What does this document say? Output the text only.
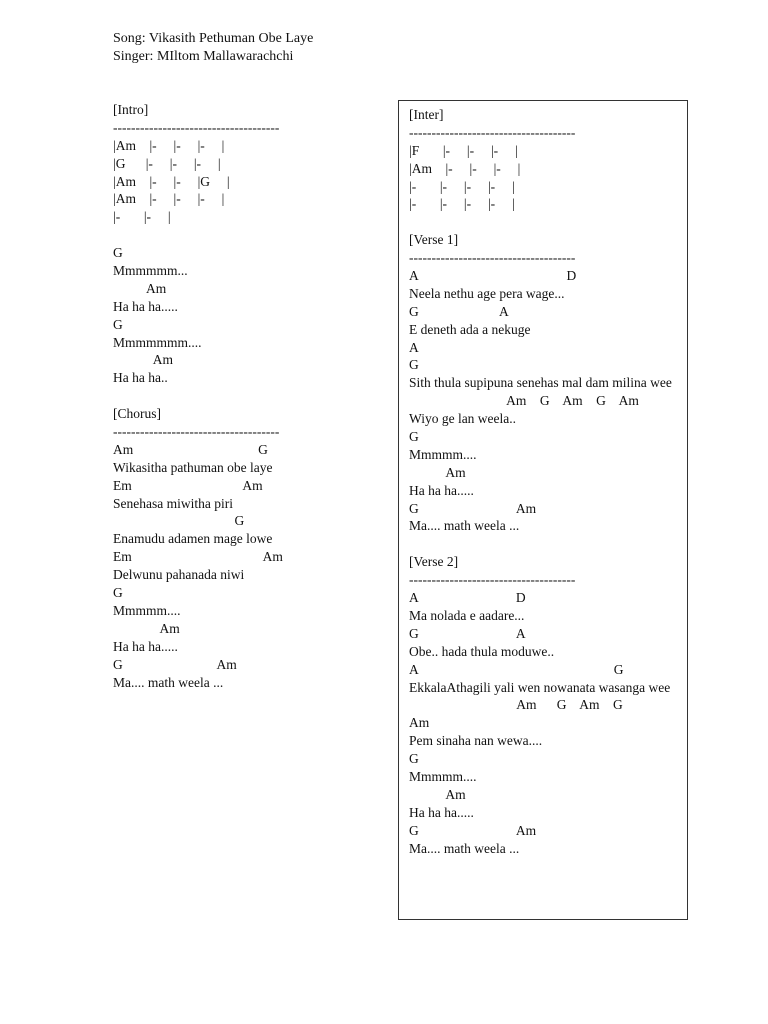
Song: Vikasith Pethuman Obe Laye
Singer: MIltom Mallawarachchi
[Intro]
-------------------------------------
|Am    |-     |-     |-     |
|G      |-     |-     |-     |
|Am    |-     |-     |G     |
|Am    |-     |-     |-     |
|-       |-     |
G
Mmmmmm...
Am
Ha ha ha.....
G
Mmmmmmm....
Am
Ha ha ha..
[Chorus]
-------------------------------------
Am                                     G
Wikasitha pathuman obe laye
Em                                 Am
Senehasa miwitha piri
G
Enamudu adamen mage lowe
Em                                       Am
Delwunu pahanada niwi
G
Mmmmm....
Am
Ha ha ha.....
G                            Am
Ma.... math weela ...
[Inter]
-------------------------------------
|F       |-     |-     |-     |
|Am    |-     |-     |-     |
|-       |-     |-     |-     |
|-       |-     |-     |-     |
[Verse 1]
-------------------------------------
A                                            D
Neela nethu age pera wage...
G                        A
E deneth ada a nekuge
A
G
Sith thula supipuna senehas mal dam milina wee
Am    G    Am    G    Am
Wiyo ge lan weela..
G
Mmmmm....
Am
Ha ha ha.....
G                             Am
Ma.... math weela ...
[Verse 2]
-------------------------------------
A                             D
Ma nolada e aadare...
G                             A
Obe.. hada thula moduwe..
A                                                          G
EkkalaAthagili yali wen nowanata wasanga wee
Am      G    Am    G
Am
Pem sinaha nan wewa....
G
Mmmmm....
Am
Ha ha ha.....
G                             Am
Ma.... math weela ...
